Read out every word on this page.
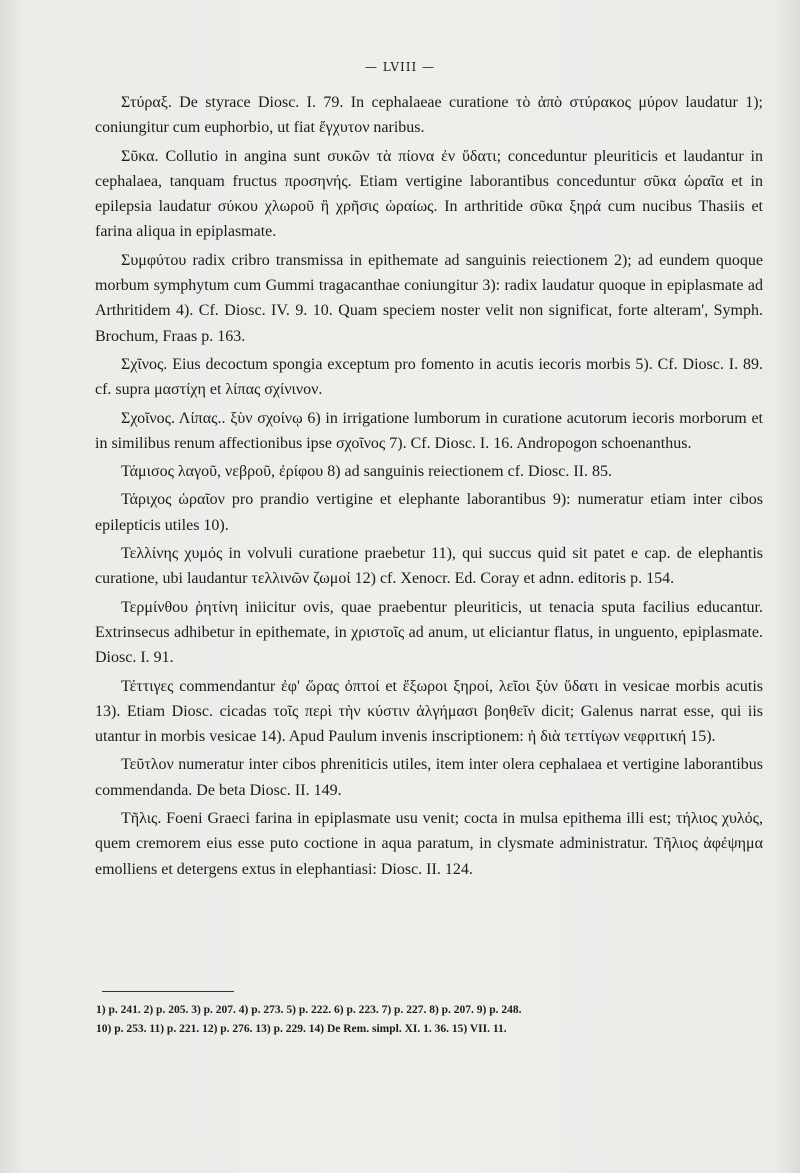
— LVIII —

Στύραξ. De styrace Diosc. I. 79. In cephalaeae curatione τὸ ἀπὸ στύρακος μύρον laudatur 1); coniungitur cum euphorbio, ut fiat ἔγχυτον naribus.

Σῦκα. Collutio in angina sunt συκῶν τὰ πίονα ἐν ὕδατι; conceduntur pleuriticis et laudantur in cephalaea, tanquam fructus προσηνής. Etiam vertigine laborantibus conceduntur σῦκα ὡραῖα et in epilepsia laudatur σύκου χλωροῦ ἢ χρῆσις ὡραίως. In arthritide σῦκα ξηρά cum nucibus Thasiis et farina aliqua in epiplasmate.

Συμφύτου radix cribro transmissa in epithemate ad sanguinis reiectionem 2); ad eundem quoque morbum symphytum cum Gummi tragacanthae coniungitur 3): radix laudatur quoque in epiplasmate ad Arthritidem 4). Cf. Diosc. IV. 9. 10. Quam speciem noster velit non significat, forte alteram', Symph. Brochum, Fraas p. 163.

Σχῖνος. Eius decoctum spongia exceptum pro fomento in acutis iecoris morbis 5). Cf. Diosc. I. 89. cf. supra μαστίχη et λίπας σχίνινον.

Σχοῖνος. Λίπας.. ξὺν σχοίνῳ 6) in irrigatione lumborum in curatione acutorum iecoris morborum et in similibus renum affectionibus ipse σχοῖνος 7). Cf. Diosc. I. 16. Andropogon schoenanthus.

Τάμισος λαγοῦ, νεβροῦ, ἐρίφου 8) ad sanguinis reiectionem cf. Diosc. II. 85.

Τάριχος ὡραῖον pro prandio vertigine et elephante laborantibus 9): numeratur etiam inter cibos epilepticis utiles 10).

Τελλίνης χυμός in volvuli curatione praebetur 11), qui succus quid sit patet e cap. de elephantis curatione, ubi laudantur τελλινῶν ζωμοί 12) cf. Xenocr. Ed. Coray et adnn. editoris p. 154.

Τερμίνθου ῥητίνη iniicitur ovis, quae praebentur pleuriticis, ut tenacia sputa facilius educantur. Extrinsecus adhibetur in epithemate, in χριστοῖς ad anum, ut eliciantur flatus, in unguento, epiplasmate. Diosc. I. 91.

Τέττιγες commendantur ἐφ' ὥρας ὀπτοί et ἔξωροι ξηροί, λεῖοι ξὺν ὕδατι in vesicae morbis acutis 13). Etiam Diosc. cicadas τοῖς περὶ τὴν κύστιν ἀλγήμασι βοηθεῖν dicit; Galenus narrat esse, qui iis utantur in morbis vesicae 14). Apud Paulum invenis inscriptionem: ἡ διὰ τεττίγων νεφριτική 15).

Τεῦτλον numeratur inter cibos phreniticis utiles, item inter olera cephalaea et vertigine laborantibus commendanda. De beta Diosc. II. 149.

Τῆλις. Foeni Graeci farina in epiplasmate usu venit; cocta in mulsa epithema illi est; τήλιος χυλός, quem cremorem eius esse puto coctione in aqua paratum, in clysmate administratur. Τῆλιος ἀφέψημα emolliens et detergens extus in elephantiasi: Diosc. II. 124.

1) p. 241. 2) p. 205. 3) p. 207. 4) p. 273. 5) p. 222. 6) p. 223. 7) p. 227. 8) p. 207. 9) p. 248.
10) p. 253. 11) p. 221. 12) p. 276. 13) p. 229. 14) De Rem. simpl. XI. 1. 36. 15) VII. 11.
